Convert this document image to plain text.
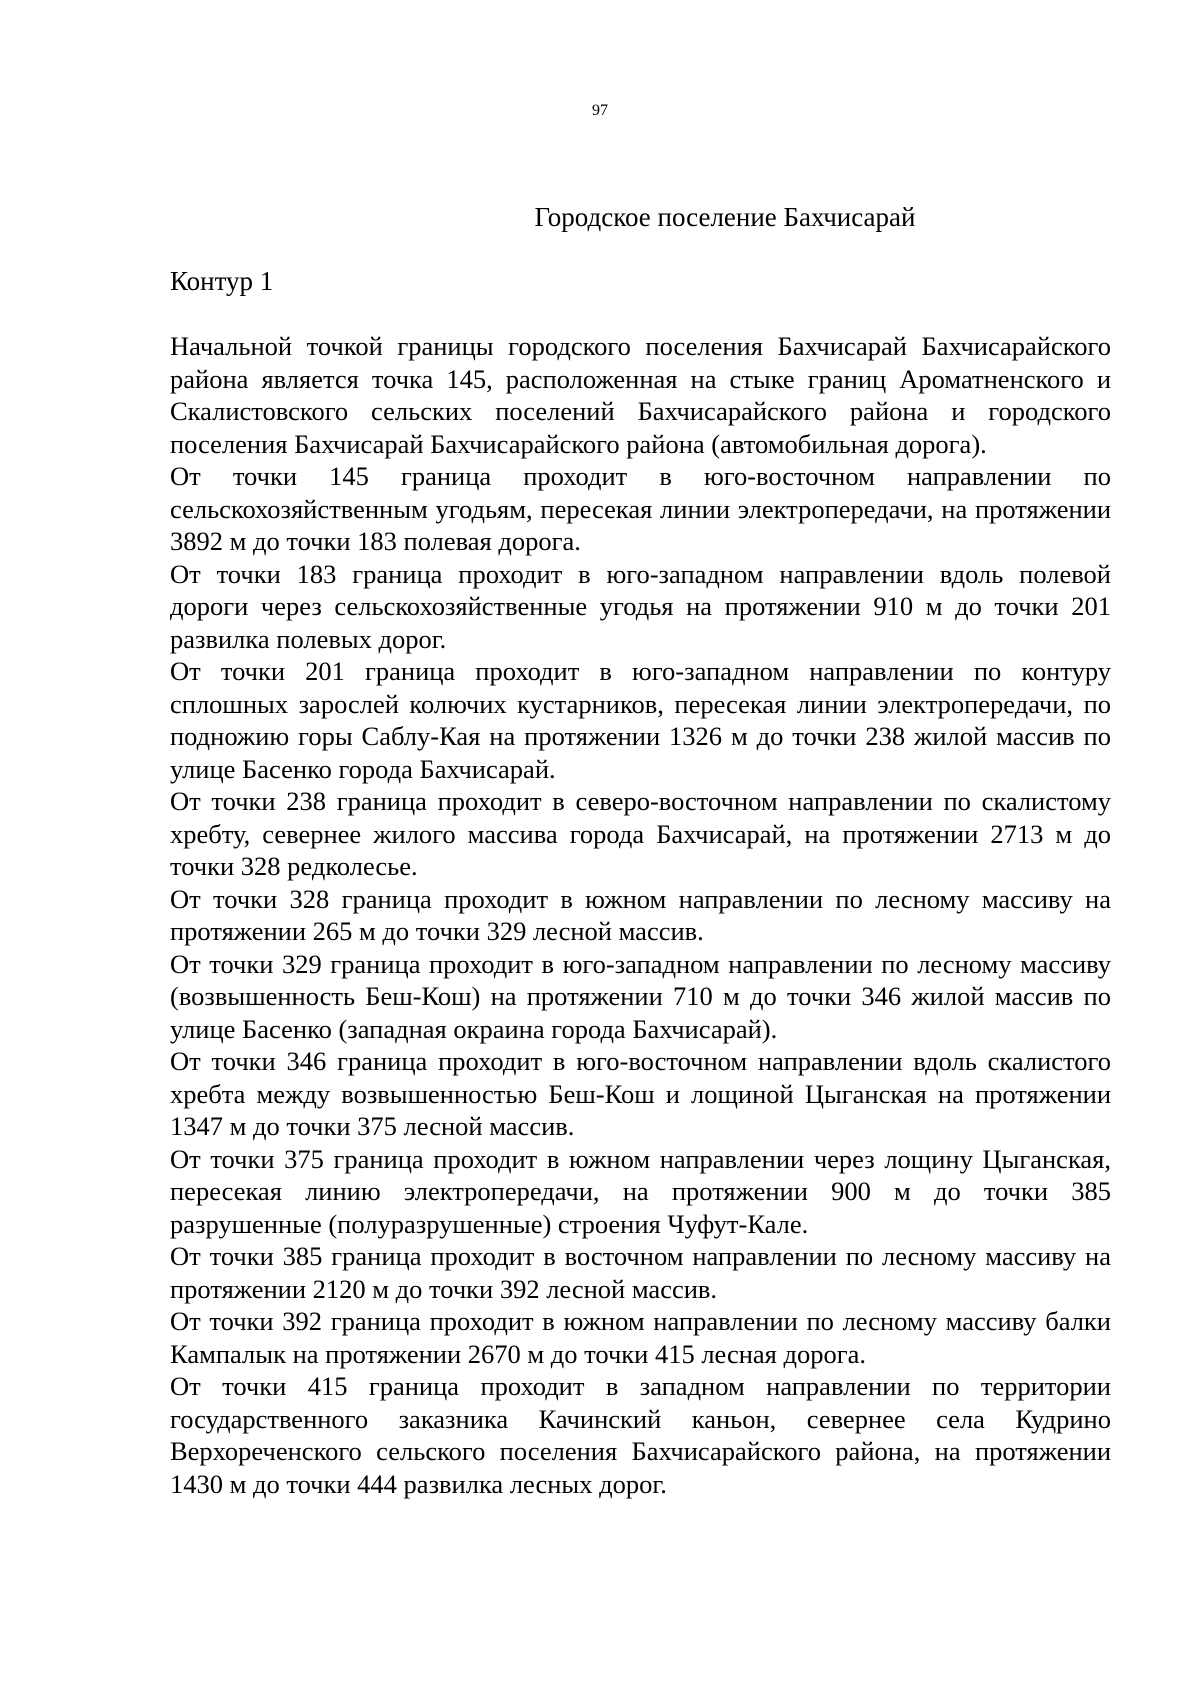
97
Городское поселение Бахчисарай
Контур 1

Начальной точкой границы городского поселения Бахчисарай Бахчисарайского района является точка 145, расположенная на стыке границ Ароматненского и Скалистовского сельских поселений Бахчисарайского района и городского поселения Бахчисарай Бахчисарайского района (автомобильная дорога).

От точки 145 граница проходит в юго-восточном направлении по сельскохозяйственным угодьям, пересекая линии электропередачи, на протяжении 3892 м до точки 183 полевая дорога.

От точки 183 граница проходит в юго-западном направлении вдоль полевой дороги через сельскохозяйственные угодья на протяжении 910 м до точки 201 развилка полевых дорог.

От точки 201 граница проходит в юго-западном направлении по контуру сплошных зарослей колючих кустарников, пересекая линии электропередачи, по подножию горы Саблу-Кая на протяжении 1326 м до точки 238 жилой массив по улице Басенко города Бахчисарай.

От точки 238 граница проходит в северо-восточном направлении по скалистому хребту, севернее жилого массива города Бахчисарай, на протяжении 2713 м до точки 328 редколесье.

От точки 328 граница проходит в южном направлении по лесному массиву на протяжении 265 м до точки 329 лесной массив.

От точки 329 граница проходит в юго-западном направлении по лесному массиву (возвышенность Беш-Кош) на протяжении 710 м до точки 346 жилой массив по улице Басенко (западная окраина города Бахчисарай).

От точки 346 граница проходит в юго-восточном направлении вдоль скалистого хребта между возвышенностью Беш-Кош и лощиной Цыганская на протяжении 1347 м до точки 375 лесной массив.

От точки 375 граница проходит в южном направлении через лощину Цыганская, пересекая линию электропередачи, на протяжении 900 м до точки 385 разрушенные (полуразрушенные) строения Чуфут-Кале.

От точки 385 граница проходит в восточном направлении по лесному массиву на протяжении 2120 м до точки 392 лесной массив.

От точки 392 граница проходит в южном направлении по лесному массиву балки Кампалык на протяжении 2670 м до точки 415 лесная дорога.

От точки 415 граница проходит в западном направлении по территории государственного заказника Качинский каньон, севернее села Кудрино Верхореченского сельского поселения Бахчисарайского района, на протяжении 1430 м до точки 444 развилка лесных дорог.
